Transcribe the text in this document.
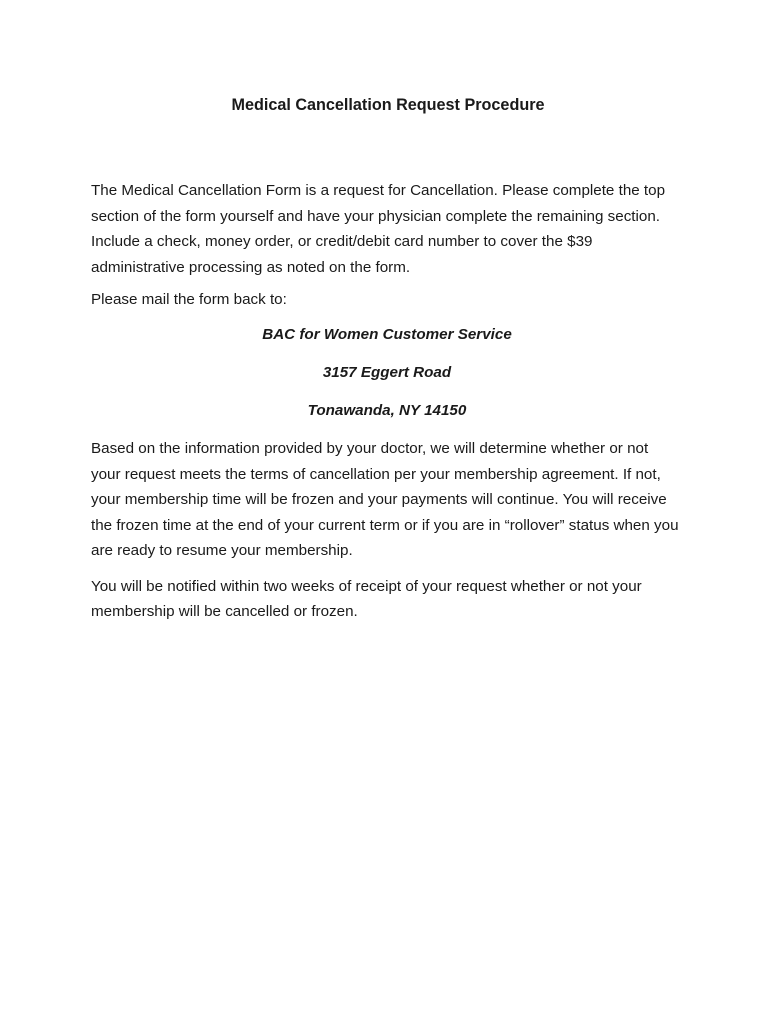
Medical Cancellation Request Procedure

The Medical Cancellation Form is a request for Cancellation. Please complete the top section of the form yourself and have your physician complete the remaining section. Include a check, money order, or credit/debit card number to cover the $39 administrative processing as noted on the form.

Please mail the form back to:

BAC for Women Customer Service

3157 Eggert Road

Tonawanda, NY 14150

Based on the information provided by your doctor, we will determine whether or not your request meets the terms of cancellation per your membership agreement. If not, your membership time will be frozen and your payments will continue. You will receive the frozen time at the end of your current term or if you are in “rollover” status when you are ready to resume your membership.

You will be notified within two weeks of receipt of your request whether or not your membership will be cancelled or frozen.
